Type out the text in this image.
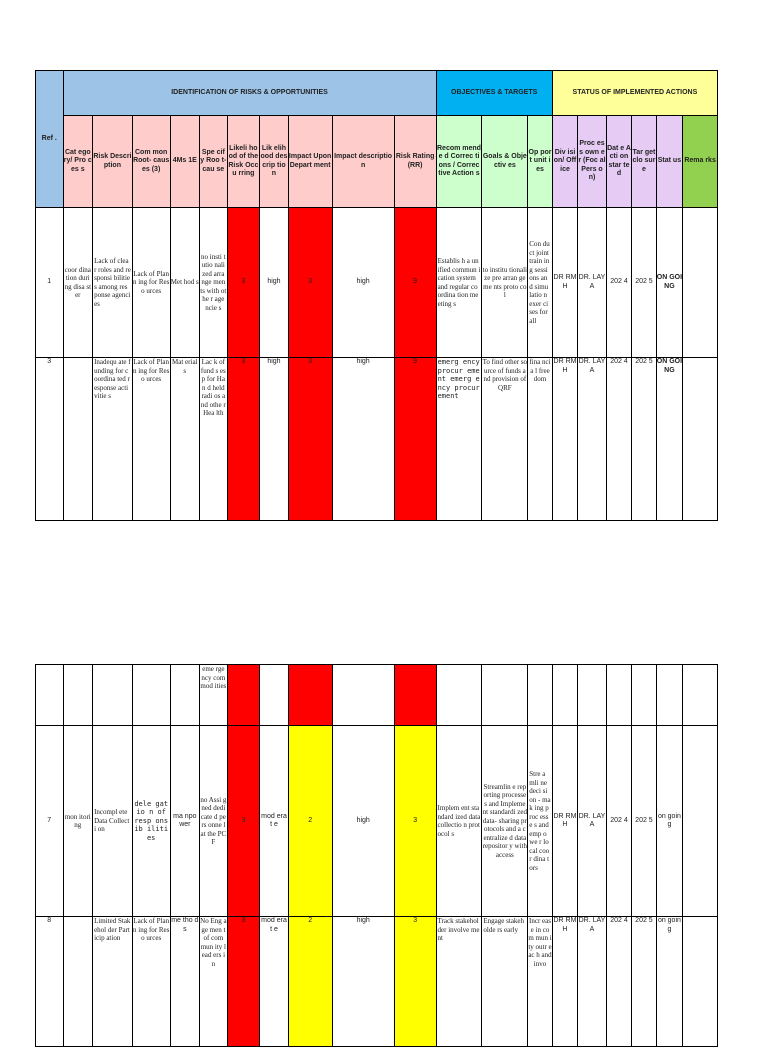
Ref .	IDENTIFICATION OF RISKS & OPPORTUNITIES										OBJECTIVES & TARGETS			STATUS OF IMPLEMENTED ACTIONS					
	Cat ego ry/ Pro ces s	Risk Descri ption	Com mon Root- caus es (3)	4Ms 1E	Spe cify Roo t- cau se	Likeli hood of the Risk Occu rring	Lik elih ood des crip tion	Impact Upon Depart ment	Impact description	Risk Rating (RR)	Recom mende d Correc tions / Correc tive Action s	Goals & Objectiv es	Op port unit ies	Div isi on/ Off ice	Proc ess own er (Foc al Pers on)	Dat e Acti on star ted	Tar get clo sur e	Stat us	Rema rks
1	coor dina tion duri ng disa ster	Lack of clear roles and responsi bilities among response agencies	Lack of Plann ing for Reso urces	Met hod s	no insti tutio nali zed arra nge men ts with othe r age ncie s	3	high	3	high	9	Establis h a unified commun ication system and regular coordina tion meeting s	to institu tionali ze pre arran geme nts proto col	Con duct joint train ing sessi ons and simu latio n exer cises for all	DR RM H	DR. LAY A	202 4	202 5	ON GOI NG	
3		Inadequ ate funding for coordina ted response activitie s	Lack of Plann ing for Reso urces	Mat erial s	Lac k of fund s esp for Han d held radi os and othe r Hea lth	3	high	3	high	9	emerg ency procur ement emerg ency procur ement	To find other source of funds and provision of QRF	fina ncia l free dom	DR RM H	DR. LAY A	202 4	202 5	ON GOI NG	
					eme rge ncy com mod ities														
7	mon itori ng	Incompl ete Data Collecti on	dele gatio n of resp onsib ilities	ma npo wer	no Assi gned dedi cate d pers onne l at the PCF	3	mod erat e	2	high	3	Implem ent standard ized data collectio n protocol s	Streamlin e reporting processe s and Impleme nt standardi zed data- sharing protocols and a centralize d data repositor y with access	Stre amli ne deci sion - mak ing proc esse s and emp owe r local coor dina tors	DR RM H	DR. LAY A	202 4	202 5	on goin g	
8		Limited Stakehol der Particip ation	Lack of Plann ing for Reso urces	me tho ds	No Eng age men t of com mun ity lead ers in	3	mod erat e	2	high	3	Track stakehol der involve ment	Engage stakeholde rs early	Incr eas e in com mun ity outr eac h and invo	DR RM H	DR. LAY A	202 4	202 5	on goin g	
